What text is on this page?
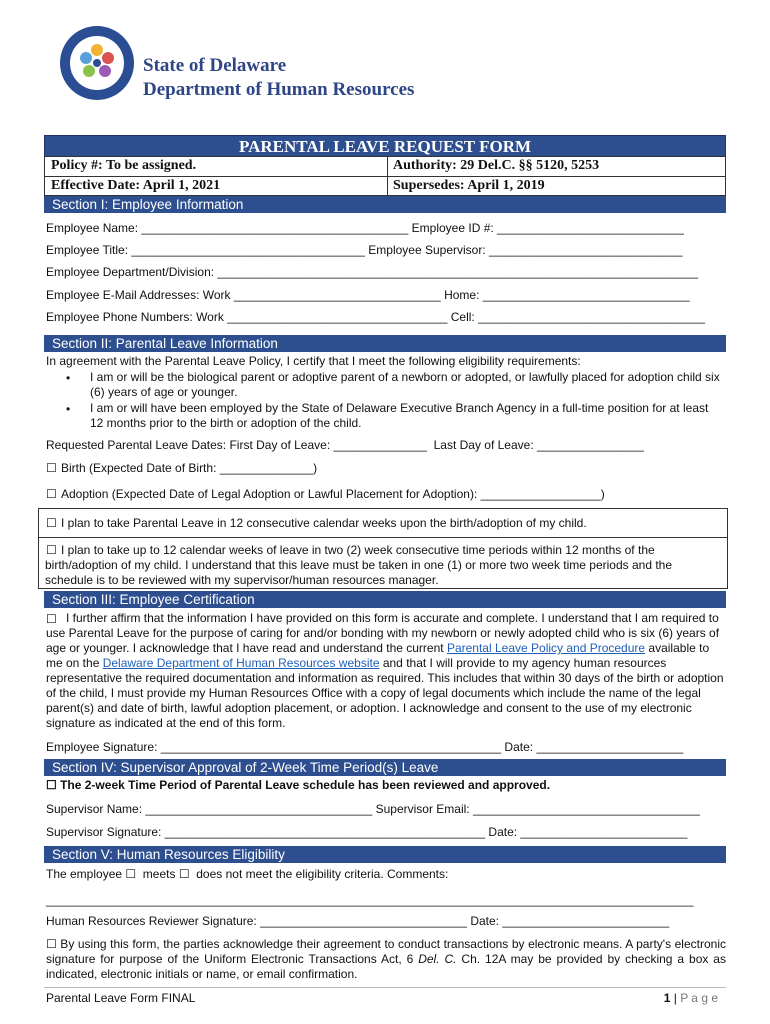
State of Delaware
Department of Human Resources
PARENTAL LEAVE REQUEST FORM
Policy #: To be assigned.	Authority: 29 Del.C. §§ 5120, 5253
Effective Date: April 1, 2021	Supersedes: April 1, 2019
Section I: Employee Information
Employee Name: ________________________________________ Employee ID #: ____________________________
Employee Title: ___________________________________ Employee Supervisor: _____________________________
Employee Department/Division: ________________________________________________________________________
Employee E-Mail Addresses: Work _______________________________ Home: _______________________________
Employee Phone Numbers: Work _________________________________ Cell: __________________________________
Section II: Parental Leave Information
In agreement with the Parental Leave Policy, I certify that I meet the following eligibility requirements:
• I am or will be the biological parent or adoptive parent of a newborn or adopted, or lawfully placed for adoption child six (6) years of age or younger.
• I am or will have been employed by the State of Delaware Executive Branch Agency in a full-time position for at least 12 months prior to the birth or adoption of the child.
Requested Parental Leave Dates: First Day of Leave: ______________  Last Day of Leave: ________________
☐ Birth (Expected Date of Birth: ______________)
☐ Adoption (Expected Date of Legal Adoption or Lawful Placement for Adoption): __________________)
☐ I plan to take Parental Leave in 12 consecutive calendar weeks upon the birth/adoption of my child.
☐ I plan to take up to 12 calendar weeks of leave in two (2) week consecutive time periods within 12 months of the birth/adoption of my child. I understand that this leave must be taken in one (1) or more two week time periods and the schedule is to be reviewed with my supervisor/human resources manager.
Section III: Employee Certification
☐ I further affirm that the information I have provided on this form is accurate and complete. I understand that I am required to use Parental Leave for the purpose of caring for and/or bonding with my newborn or newly adopted child who is six (6) years of age or younger. I acknowledge that I have read and understand the current Parental Leave Policy and Procedure available to me on the Delaware Department of Human Resources website and that I will provide to my agency human resources representative the required documentation and information as required. This includes that within 30 days of the birth or adoption of the child, I must provide my Human Resources Office with a copy of legal documents which include the name of the legal parent(s) and date of birth, lawful adoption placement, or adoption. I acknowledge and consent to the use of my electronic signature as indicated at the end of this form.
Employee Signature: ___________________________________________________ Date: ______________________
Section IV: Supervisor Approval of 2-Week Time Period(s) Leave
☐ The 2-week Time Period of Parental Leave schedule has been reviewed and approved.
Supervisor Name: __________________________________ Supervisor Email: __________________________________
Supervisor Signature: ________________________________________________ Date: _________________________
Section V: Human Resources Eligibility
The employee ☐  meets ☐  does not meet the eligibility criteria. Comments:
_________________________________________________________________________________________________
Human Resources Reviewer Signature: _______________________________ Date: _________________________
☐ By using this form, the parties acknowledge their agreement to conduct transactions by electronic means. A party's electronic signature for purpose of the Uniform Electronic Transactions Act, 6 Del. C. Ch. 12A may be provided by checking a box as indicated, electronic initials or name, or email confirmation.
Parental Leave Form FINAL	1 | P a g e
